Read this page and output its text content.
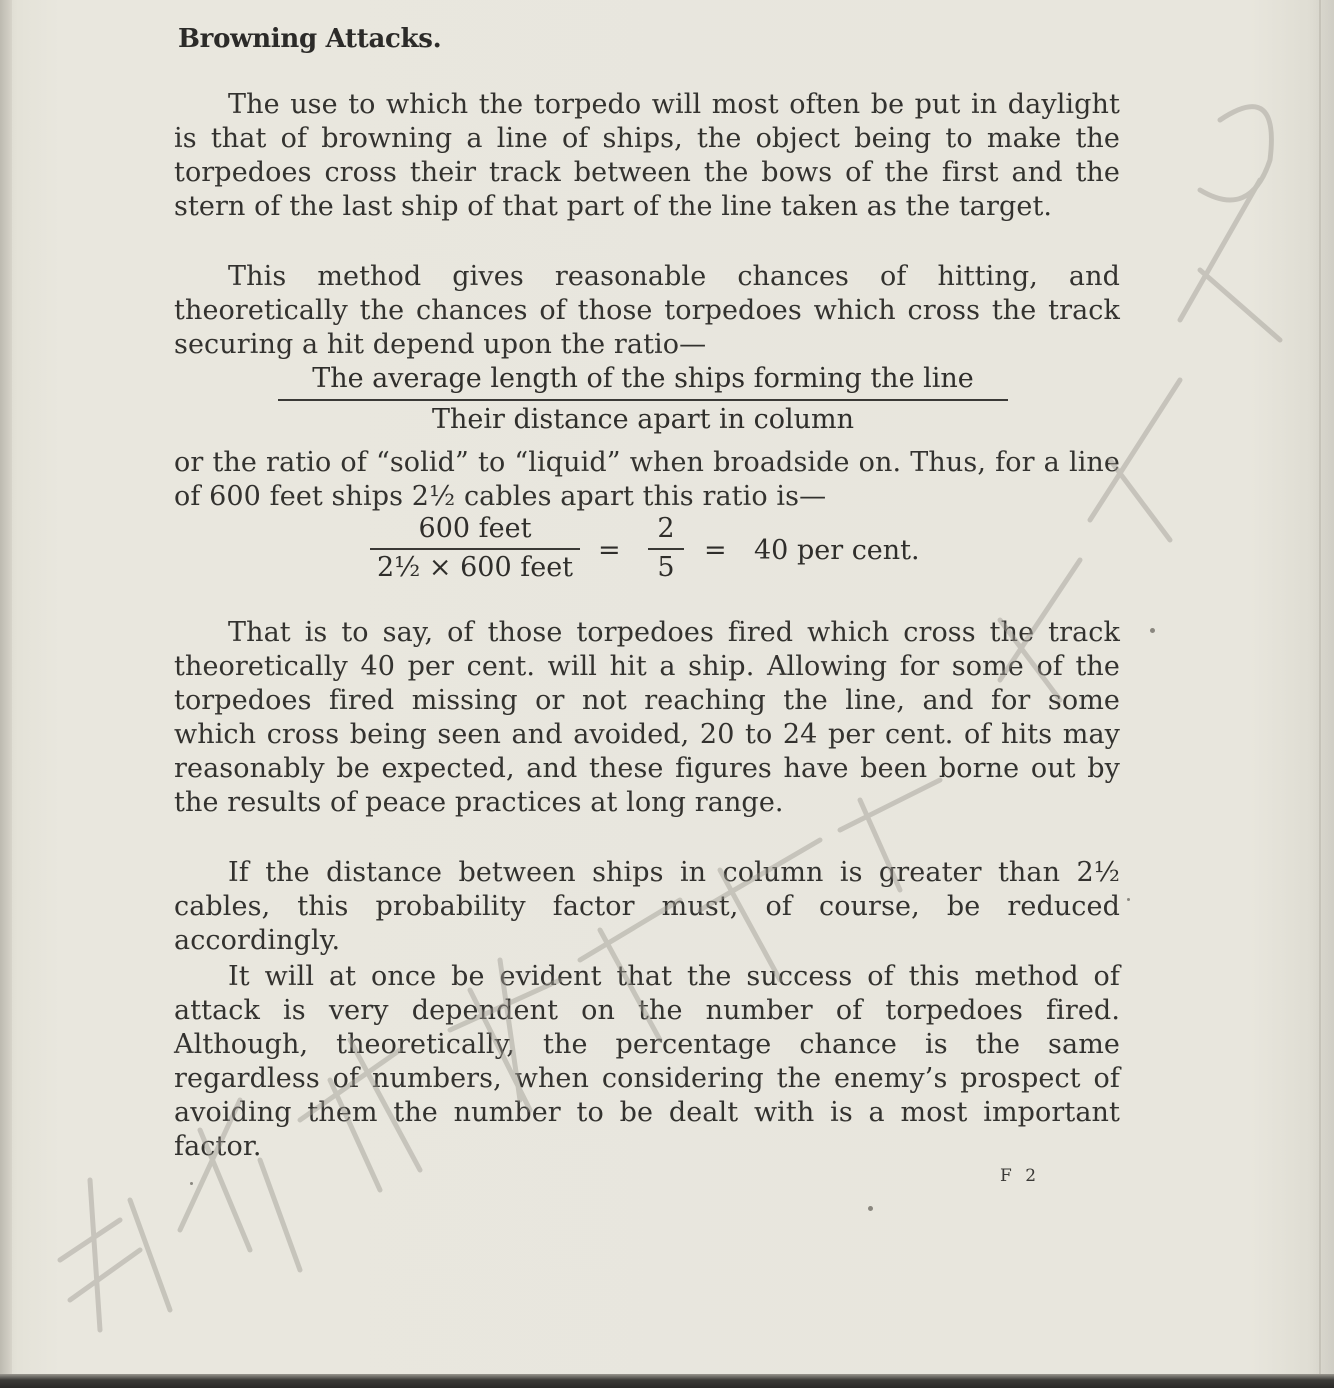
Browning Attacks.

The use to which the torpedo will most often be put in daylight is that of browning a line of ships, the object being to make the torpedoes cross their track between the bows of the first and the stern of the last ship of that part of the line taken as the target.

This method gives reasonable chances of hitting, and theoretically the chances of those torpedoes which cross the track securing a hit depend upon the ratio—

The average length of the ships forming the line
Their distance apart in column

or the ratio of “solid” to “liquid” when broadside on. Thus, for a line of 600 feet ships 2½ cables apart this ratio is—

600 feet
2½ × 600 feet
= $\frac{2}{5} = 40$ per cent.

That is to say, of those torpedoes fired which cross the track theoretically 40 per cent. will hit a ship. Allowing for some of the torpedoes fired missing or not reaching the line, and for some which cross being seen and avoided, 20 to 24 per cent. of hits may reasonably be expected, and these figures have been borne out by the results of peace practices at long range.

If the distance between ships in column is greater than 2½ cables, this probability factor must, of course, be reduced accordingly.

It will at once be evident that the success of this method of attack is very dependent on the number of torpedoes fired. Although, theoretically, the percentage chance is the same regardless of numbers, when considering the enemy’s prospect of avoiding them the number to be dealt with is a most important factor.

F 2
